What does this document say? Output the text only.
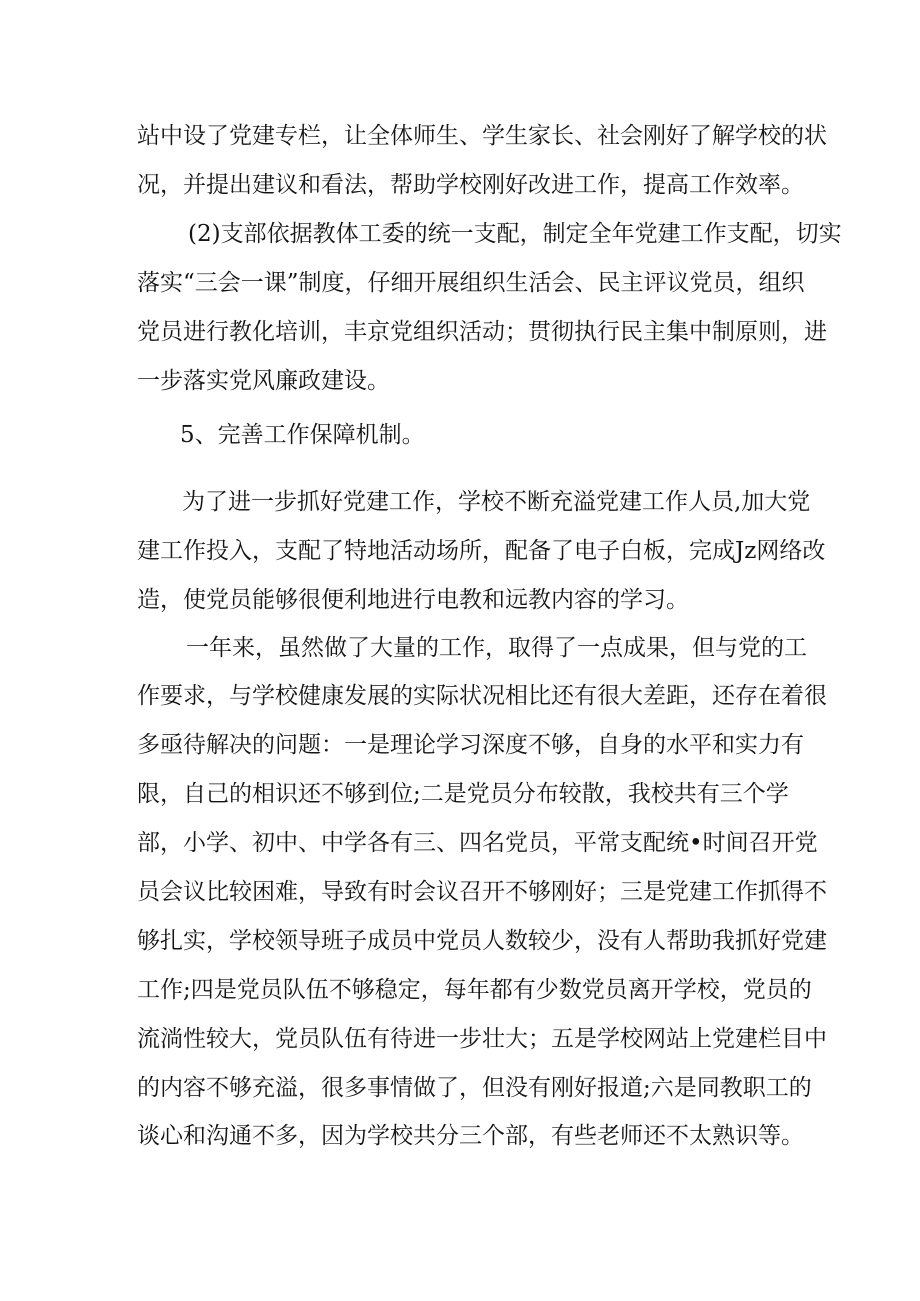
站中设了党建专栏，让全体师生、学生家长、社会刚好了解学校的状
况，并提出建议和看法，帮助学校刚好改进工作，提高工作效率。
(2)支部依据教体工委的统一支配，制定全年党建工作支配，切实
落实“三会一课”制度，仔细开展组织生活会、民主评议党员，组织
党员进行教化培训，丰京党组织活动；贯彻执行民主集中制原则，进
一步落实党风廉政建设。
5、完善工作保障机制。
为了进一步抓好党建工作，学校不断充溢党建工作人员,加大党
建工作投入，支配了特地活动场所，配备了电子白板，完成Jz网络改
造，使党员能够很便利地进行电教和远教内容的学习。
一年来，虽然做了大量的工作，取得了一点成果，但与党的工
作要求，与学校健康发展的实际状况相比还有很大差距，还存在着很
多亟待解决的问题：一是理论学习深度不够，自身的水平和实力有
限，自己的相识还不够到位;二是党员分布较散，我校共有三个学
部，小学、初中、中学各有三、四名党员，平常支配统•时间召开党
员会议比较困难，导致有时会议召开不够刚好；三是党建工作抓得不
够扎实，学校领导班子成员中党员人数较少，没有人帮助我抓好党建
工作;四是党员队伍不够稳定，每年都有少数党员离开学校，党员的
流淌性较大，党员队伍有待进一步壮大；五是学校网站上党建栏目中
的内容不够充溢，很多事情做了，但没有刚好报道;六是同教职工的
谈心和沟通不多，因为学校共分三个部，有些老师还不太熟识等。
